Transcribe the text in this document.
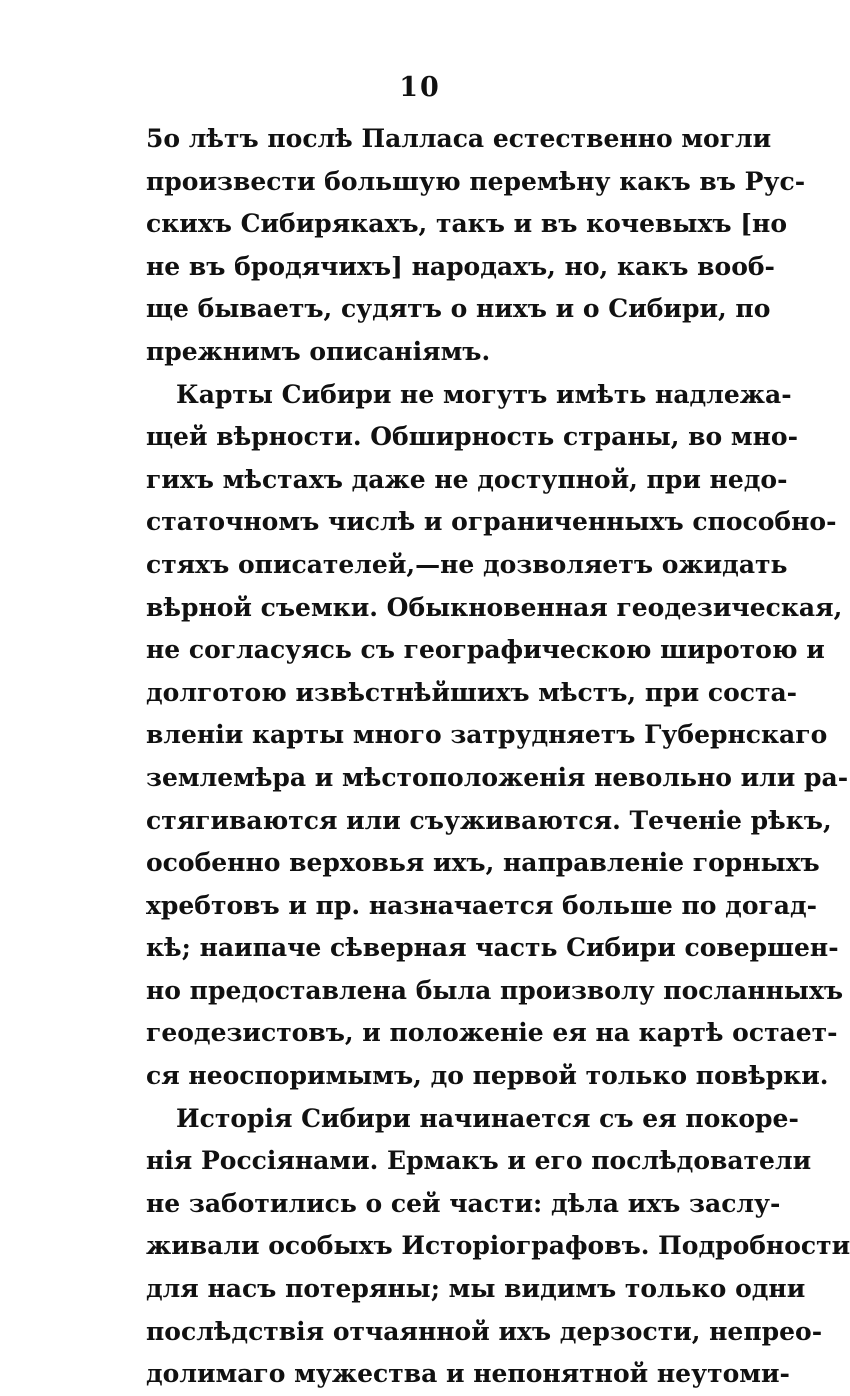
10
5о лѣтъ послѣ Палласа естественно могли
произвести большую перемѣну какъ въ Рус-
скихъ Сибирякахъ, такъ и въ кочевыхъ [но
не въ бродячихъ] народахъ, но, какъ вооб-
ще бываетъ, судятъ о нихъ и о Сибири, по
прежнимъ описаніямъ.
Карты Сибири не могутъ имѣть надлежа-
щей вѣрности. Обширность страны, во мно-
гихъ мѣстахъ даже не доступной, при недо-
статочномъ числѣ и ограниченныхъ способно-
стяхъ описателей,—не дозволяетъ ожидать
вѣрной съемки. Обыкновенная геодезическая,
не согласуясь съ географическою широтою и
долготою извѣстнѣйшихъ мѣстъ, при соста-
вленіи карты много затрудняетъ Губернскаго
землемѣра и мѣстоположенія невольно или ра-
стягиваются или съуживаются. Теченіе рѣкъ,
особенно верховья ихъ, направленіе горныхъ
хребтовъ и пр. назначается больше по догад-
кѣ; наипаче сѣверная часть Сибири совершен-
но предоставлена была произволу посланныхъ
геодезистовъ, и положеніе ея на картѣ остает-
ся неоспоримымъ, до первой только повѣрки.
Исторія Сибири начинается съ ея покоре-
нія Россіянами. Ермакъ и его послѣдователи
не заботились о сей части: дѣла ихъ заслу-
живали особыхъ Исторіографовъ. Подробности
для насъ потеряны; мы видимъ только одни
послѣдствія отчаянной ихъ дерзости, непрео-
долимаго мужества и непонятной неутоми-
